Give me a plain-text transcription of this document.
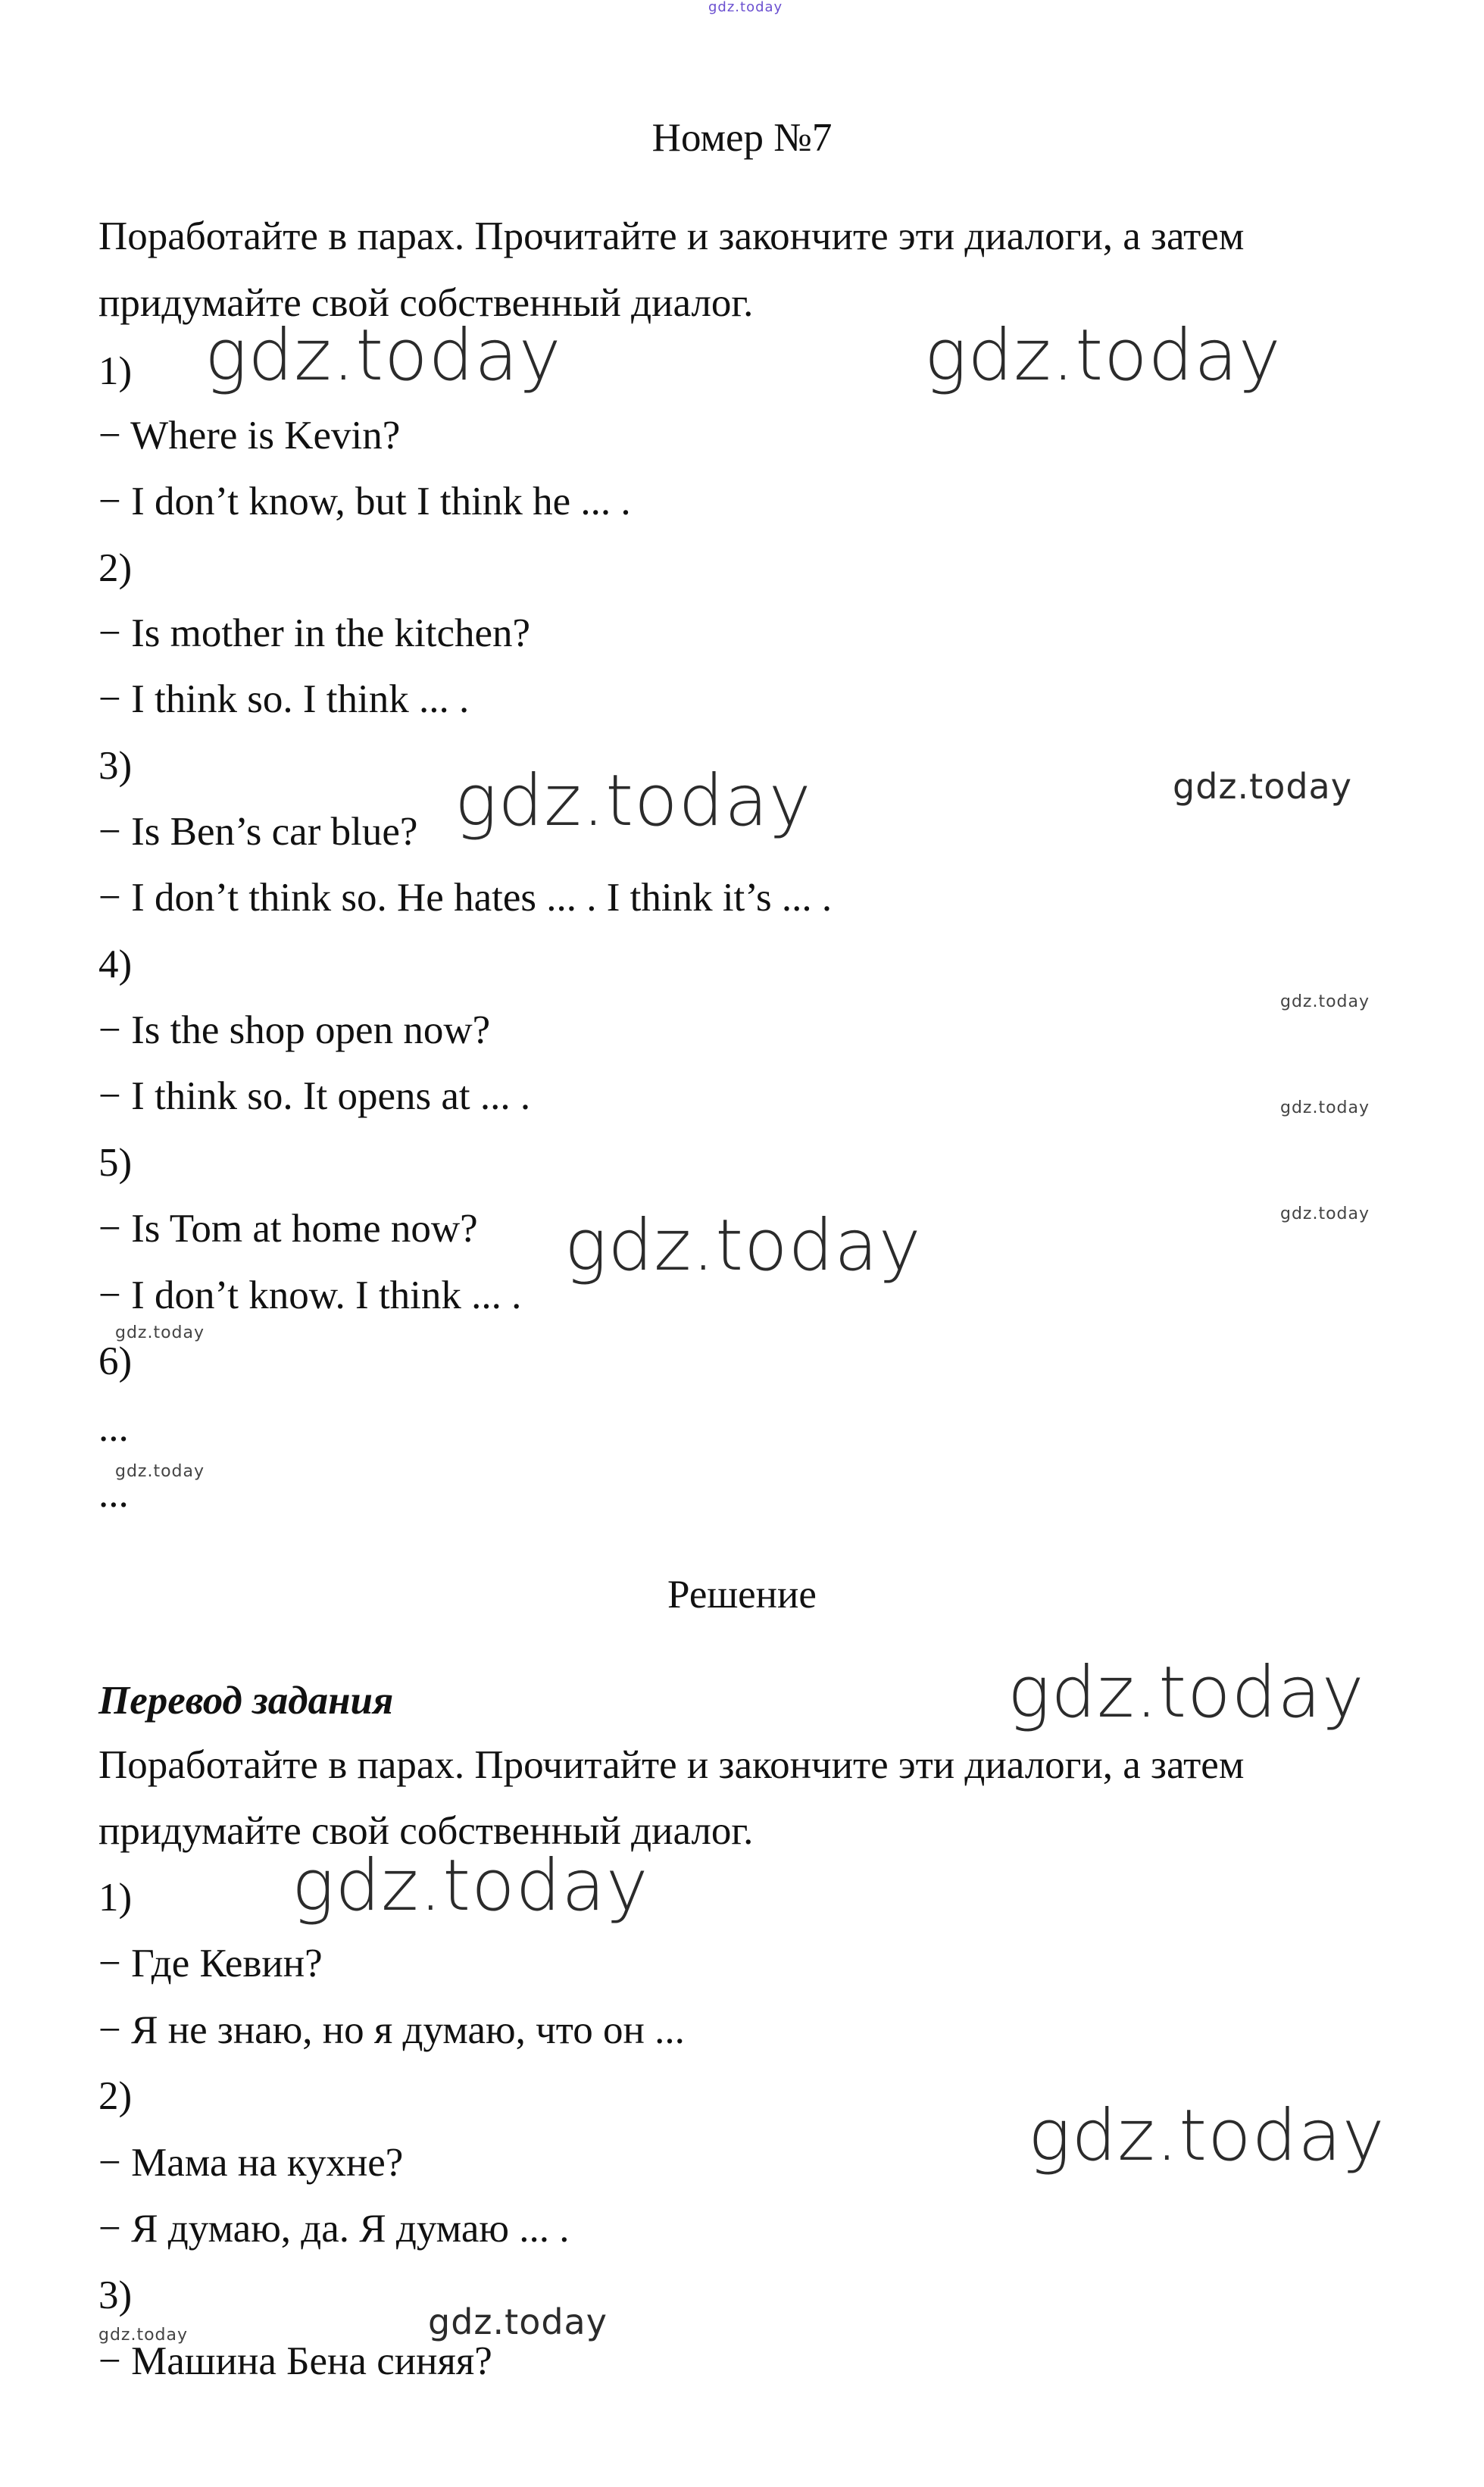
gdz.today
Номер №7
Поработайте в парах. Прочитайте и закончите эти диалоги, а затем
придумайте свой собственный диалог.
1)
− Where is Kevin?
− I don’t know, but I think he ... .
2)
− Is mother in the kitchen?
− I think so. I think ... .
3)
− Is Ben’s car blue?
− I don’t think so. He hates ... . I think it’s ... .
4)
− Is the shop open now?
− I think so. It opens at ... .
5)
− Is Tom at home now?
− I don’t know. I think ... .
6)
...
...
Решение
Перевод задания
Поработайте в парах. Прочитайте и закончите эти диалоги, а затем
придумайте свой собственный диалог.
1)
− Где Кевин?
− Я не знаю, но я думаю, что он ...
2)
− Мама на кухне?
− Я думаю, да. Я думаю ... .
3)
− Машина Бена синяя?
gdz.today	gdz.today
gdz.today	gdz.today
gdz.today
gdz.today
gdz.today
gdz.today
gdz.today
gdz.today
gdz.today
gdz.today
gdz.today
gdz.today
gdz.today
